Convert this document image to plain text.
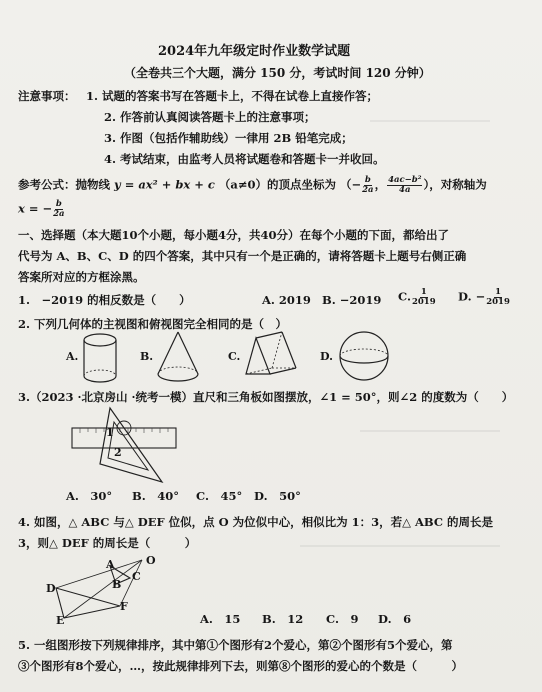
2024年九年级定时作业数学试题
（全卷共三个大题，满分 150 分，考试时间 120 分钟）
注意事项： 1. 试题的答案书写在答题卡上，不得在试卷上直接作答；
2. 作答前认真阅读答题卡上的注意事项；
3. 作图（包括作辅助线）一律用 2B 铅笔完成；
4. 考试结束，由监考人员将试题卷和答题卡一并收回。
参考公式：抛物线 y = ax² + bx + c （a≠0）的顶点坐标为 （− $\frac{b}{2a}$ ， $\frac{\text{4ac−b²}}{4a}$ ），对称轴为
x = − $\frac{b}{2a}$
一、选择题（本大题10个小题，每小题4分，共40分）在每个小题的下面，都给出了
代号为 A、B、C、D 的四个答案，其中只有一个是正确的，请将答题卡上题号右侧正确
答案所对应的方框涂黑。
1.　−2019 的相反数是（　　）	A. 2019 B. −2019 C. $\frac{1}{2019} D$. − $\frac{1}{2019}$
2. 下列几何体的主视图和俯视图完全相同的是（　）
A.	B.	C.	D.
3.（2023 ·北京房山 ·统考一模）直尺和三角板如图摆放，∠1 = 50°，则∠2 的度数为（　　）
1
2
A.　30° B.　40° C.　45° D.　50°
4. 如图，△ ABC 与△ DEF 位似，点 O 为位似中心，相似比为 1：3，若△ ABC 的周长是
3，则△ DEF 的周长是（　　　）
A
B
C
O
D
E
F
A.　15 B.　12 C.　9 D.　6
5. 一组图形按下列规律排序，其中第①个图形有2个爱心，第②个图形有5个爱心，第
③个图形有8个爱心，…，按此规律排列下去，则第⑧个图形的爱心的个数是（　　　）
